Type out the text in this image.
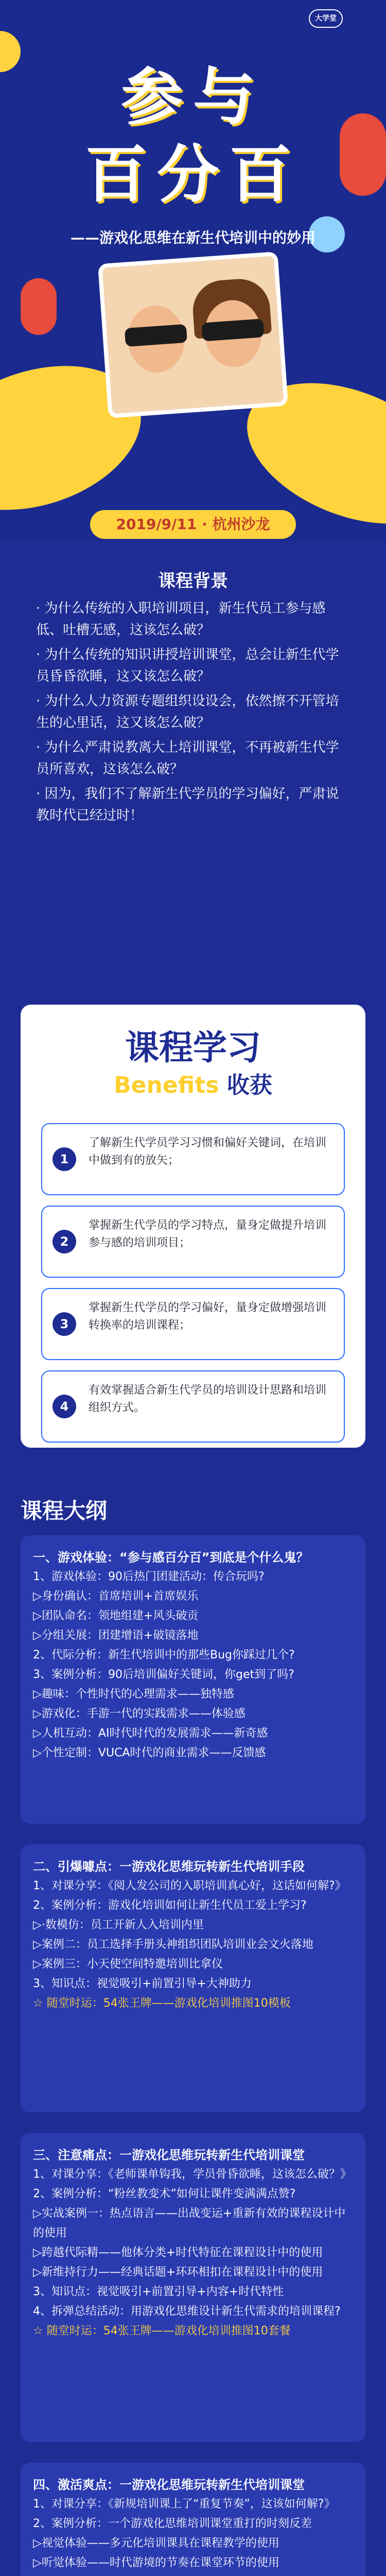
大学堂
参与
百分百
——游戏化思维在新生代培训中的妙用
2019/9/11 · 杭州沙龙
课程背景
· 为什么传统的入职培训项目，新生代员工参与感低、吐槽无感，这该怎么破？
· 为什么传统的知识讲授培训课堂，总会让新生代学员昏昏欲睡，这又该怎么破？
· 为什么人力资源专题组织设设会，依然擦不开管培生的心里话，这又该怎么破？
· 为什么严肃说教离大上培训课堂，不再被新生代学员所喜欢，这该怎么破？
· 因为，我们不了解新生代学员的学习偏好，严肃说教时代已经过时！
课程学习
Benefits 收获
1
了解新生代学员学习习惯和偏好关键词，在培训中做到有的放矢；
2
掌握新生代学员的学习特点，量身定做提升培训参与感的培训项目；
3
掌握新生代学员的学习偏好，量身定做增强培训转换率的培训课程；
4
有效掌握适合新生代学员的培训设计思路和培训组织方式。
课程大纲
一、游戏体验：“参与感百分百”到底是个什么鬼？
1、游戏体验：90后热门团建活动：传合玩吗?
▷身份确认：首席培训+首席娱乐
▷团队命名：领地组建+风头破贡
▷分组关展：团建增语+破镜落地
2、代际分析：新生代培训中的那些Bug你踩过几个?
3、案例分析：90后培训偏好关键词，你get到了吗?
▷趣味：个性时代的心理需求——独特感
▷游戏化：手游一代的实践需求——体验感
▷人机互动：AI时代时代的发展需求——新奇感
▷个性定制：VUCA时代的商业需求——反馈感
二、引爆噱点：一游戏化思维玩转新生代培训手段
1、对课分享：《阅人发公司的入职培训真心好，这话如何解?》
2、案例分析：游戏化培训如何让新生代员工爱上学习?
▷·数模仿：员工开新人入培训内里
▷案例二：员工选择手册头神组织团队培训业会文火落地
▷案例三：小天使空间特邀培训比拿仪
3、知识点：视觉吸引+前置引导+大神助力
☆ 随堂时运：54张王牌——游戏化培训推图10模板
三、注意痛点：一游戏化思维玩转新生代培训课堂
1、对课分享：《老师课单钩我，学员骨昏欲睡，这该怎么破？》
2、案例分析：“粉丝教变术”如何让课件变满满点赞?
▷实战案例一：热点语言——出战变运+重新有效的课程设计中的使用
▷跨越代际精——他体分类+时代特征在课程设计中的使用
▷新维持行力——经典话题+环环相扣在课程设计中的使用
3、知识点：视觉吸引+前置引导+内容+时代特性
4、拆弹总结活动：用游戏化思维设计新生代需求的培训课程?
☆ 随堂时运：54张王牌——游戏化培训推图10套餐
四、激活爽点：一游戏化思维玩转新生代培训课堂
1、对课分享：《新规培训课上了“重复节奏”，这该如何解?》
2、案例分析：一个游戏化思维培训课堂重打的时刻反差
▷视觉体验——多元化培训课具在课程教学的使用
▷听觉体验——时代游境的节奏在课堂环节的使用
